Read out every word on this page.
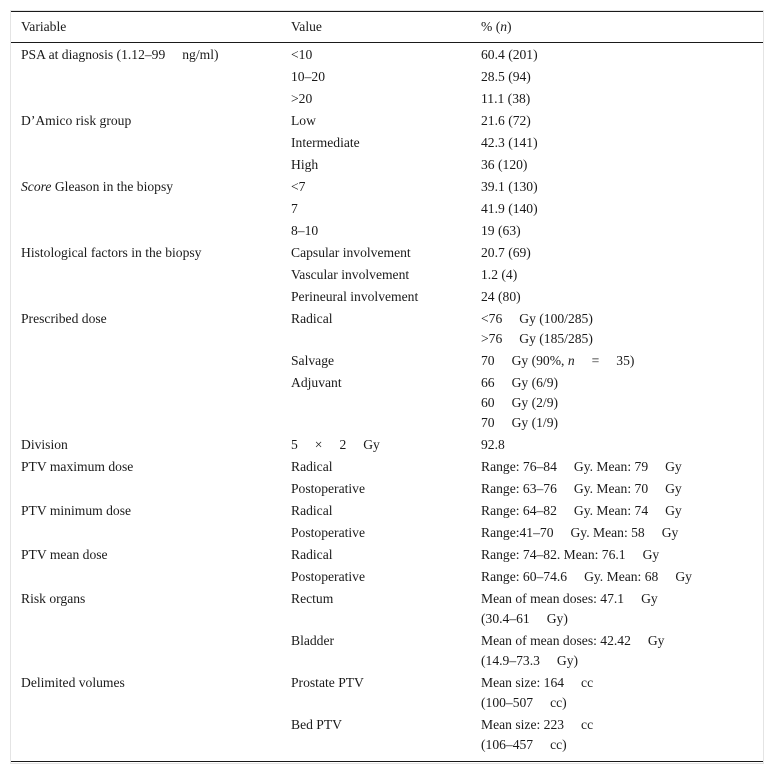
Variable	Value	% (n)
PSA at diagnosis (1.12–99     ng/ml)	<10	60.4 (201)
	10–20	28.5 (94)
	>20	11.1 (38)
D’Amico risk group	Low	21.6 (72)
	Intermediate	42.3 (141)
	High	36 (120)
Score Gleason in the biopsy	<7	39.1 (130)
	7	41.9 (140)
	8–10	19 (63)
Histological factors in the biopsy	Capsular involvement	20.7 (69)
	Vascular involvement	1.2 (4)
	Perineural involvement	24 (80)
Prescribed dose	Radical	<76     Gy (100/285)
>76     Gy (185/285)
	Salvage	70     Gy (90%, n     =     35)
	Adjuvant	66     Gy (6/9)
60     Gy (2/9)
70     Gy (1/9)
Division	5     ×     2     Gy	92.8
PTV maximum dose	Radical	Range: 76–84     Gy. Mean: 79     Gy
	Postoperative	Range: 63–76     Gy. Mean: 70     Gy
PTV minimum dose	Radical	Range: 64–82     Gy. Mean: 74     Gy
	Postoperative	Range:41–70     Gy. Mean: 58     Gy
PTV mean dose	Radical	Range: 74–82. Mean: 76.1     Gy
	Postoperative	Range: 60–74.6     Gy. Mean: 68     Gy
Risk organs	Rectum	Mean of mean doses: 47.1     Gy
(30.4–61     Gy)
	Bladder	Mean of mean doses: 42.42     Gy
(14.9–73.3     Gy)
Delimited volumes	Prostate PTV	Mean size: 164     cc
(100–507     cc)
	Bed PTV	Mean size: 223     cc
(106–457     cc)
